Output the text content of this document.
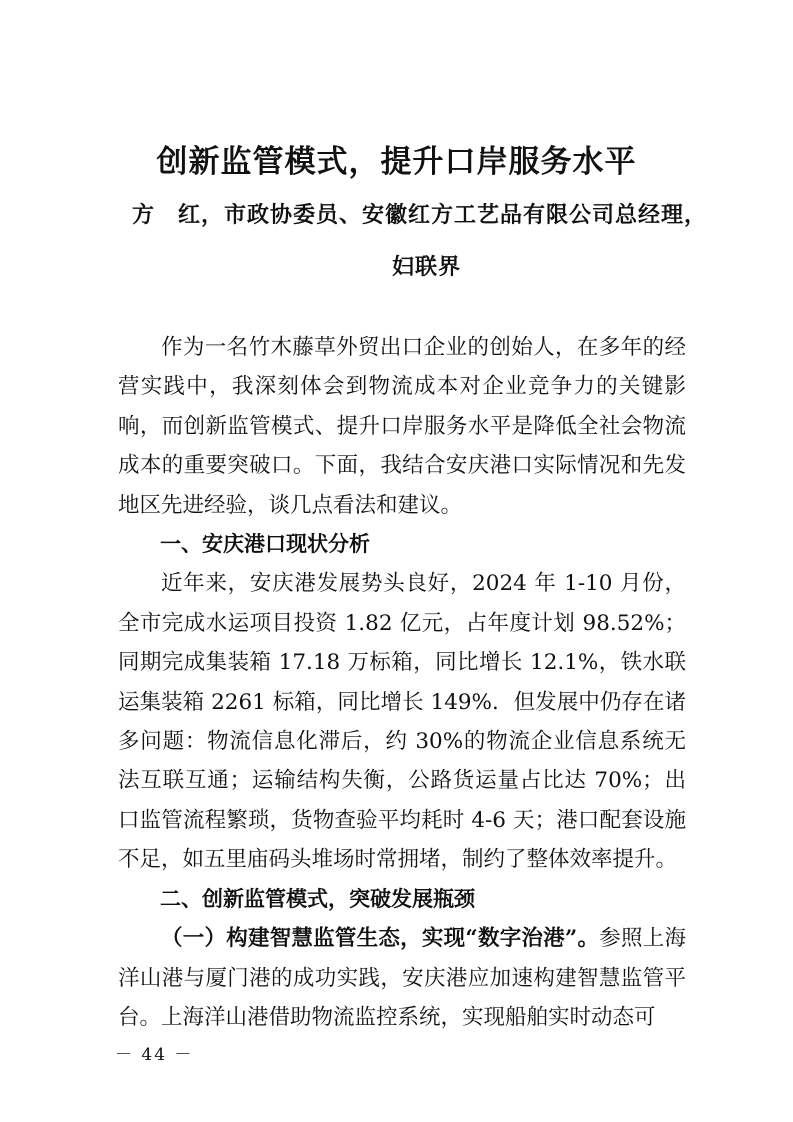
创新监管模式，提升口岸服务水平
方　红，市政协委员、安徽红方工艺品有限公司总经理，
妇联界

作为一名竹木藤草外贸出口企业的创始人，在多年的经营实践中，我深刻体会到物流成本对企业竞争力的关键影响，而创新监管模式、提升口岸服务水平是降低全社会物流成本的重要突破口。下面，我结合安庆港口实际情况和先发地区先进经验，谈几点看法和建议。

一、安庆港口现状分析

近年来，安庆港发展势头良好，2024 年 1-10 月份，全市完成水运项目投资 1.82 亿元，占年度计划 98.52%；同期完成集装箱 17.18 万标箱，同比增长 12.1%，铁水联运集装箱 2261 标箱，同比增长 149%．但发展中仍存在诸多问题：物流信息化滞后，约 30%的物流企业信息系统无法互联互通；运输结构失衡，公路货运量占比达 70%；出口监管流程繁琐，货物查验平均耗时 4-6 天；港口配套设施不足，如五里庙码头堆场时常拥堵，制约了整体效率提升。

二、创新监管模式，突破发展瓶颈

（一）构建智慧监管生态，实现“数字治港”。参照上海洋山港与厦门港的成功实践，安庆港应加速构建智慧监管平台。上海洋山港借助物流监控系统，实现船舶实时动态可

－ 44 －
